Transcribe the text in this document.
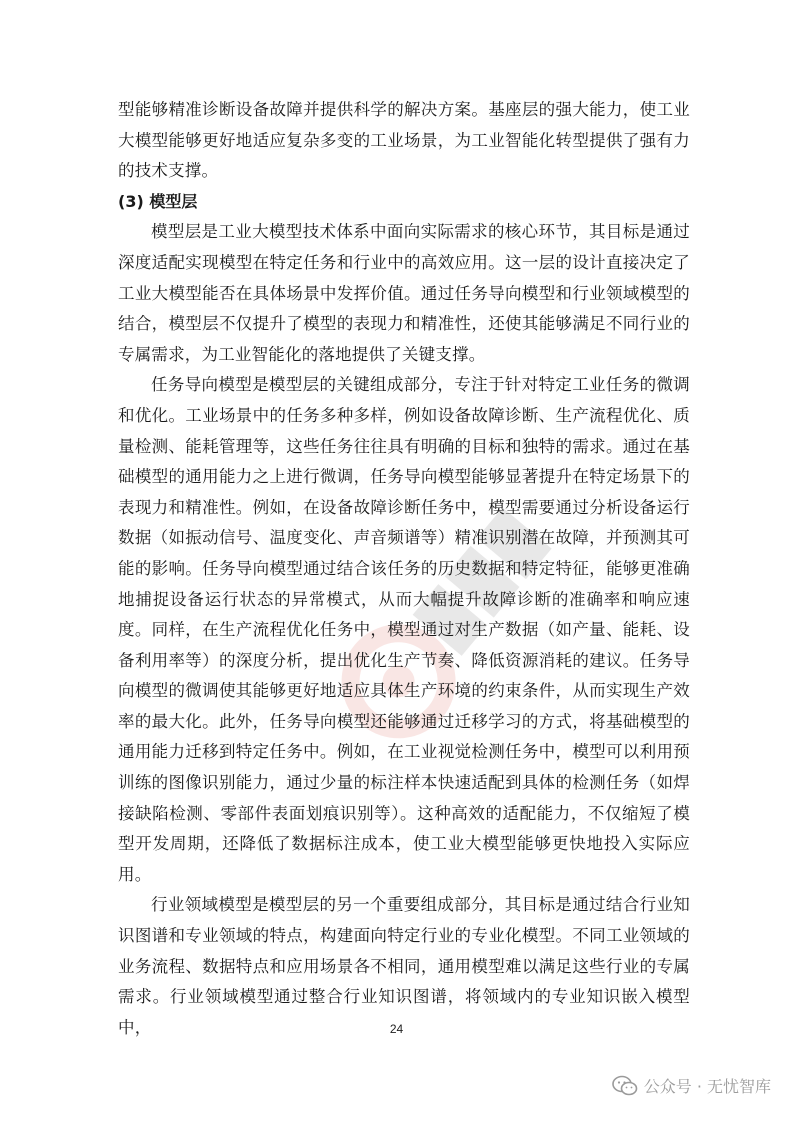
型能够精准诊断设备故障并提供科学的解决方案。基座层的强大能力，使工业大模型能够更好地适应复杂多变的工业场景，为工业智能化转型提供了强有力的技术支撑。

(3) 模型层

模型层是工业大模型技术体系中面向实际需求的核心环节，其目标是通过深度适配实现模型在特定任务和行业中的高效应用。这一层的设计直接决定了工业大模型能否在具体场景中发挥价值。通过任务导向模型和行业领域模型的结合，模型层不仅提升了模型的表现力和精准性，还使其能够满足不同行业的专属需求，为工业智能化的落地提供了关键支撑。

任务导向模型是模型层的关键组成部分，专注于针对特定工业任务的微调和优化。工业场景中的任务多种多样，例如设备故障诊断、生产流程优化、质量检测、能耗管理等，这些任务往往具有明确的目标和独特的需求。通过在基础模型的通用能力之上进行微调，任务导向模型能够显著提升在特定场景下的表现力和精准性。例如，在设备故障诊断任务中，模型需要通过分析设备运行数据（如振动信号、温度变化、声音频谱等）精准识别潜在故障，并预测其可能的影响。任务导向模型通过结合该任务的历史数据和特定特征，能够更准确地捕捉设备运行状态的异常模式，从而大幅提升故障诊断的准确率和响应速度。同样，在生产流程优化任务中，模型通过对生产数据（如产量、能耗、设备利用率等）的深度分析，提出优化生产节奏、降低资源消耗的建议。任务导向模型的微调使其能够更好地适应具体生产环境的约束条件，从而实现生产效率的最大化。此外，任务导向模型还能够通过迁移学习的方式，将基础模型的通用能力迁移到特定任务中。例如，在工业视觉检测任务中，模型可以利用预训练的图像识别能力，通过少量的标注样本快速适配到具体的检测任务（如焊接缺陷检测、零部件表面划痕识别等）。这种高效的适配能力，不仅缩短了模型开发周期，还降低了数据标注成本，使工业大模型能够更快地投入实际应用。

行业领域模型是模型层的另一个重要组成部分，其目标是通过结合行业知识图谱和专业领域的特点，构建面向特定行业的专业化模型。不同工业领域的业务流程、数据特点和应用场景各不相同，通用模型难以满足这些行业的专属需求。行业领域模型通过整合行业知识图谱，将领域内的专业知识嵌入模型中，	24
公众号 · 无忧智库
